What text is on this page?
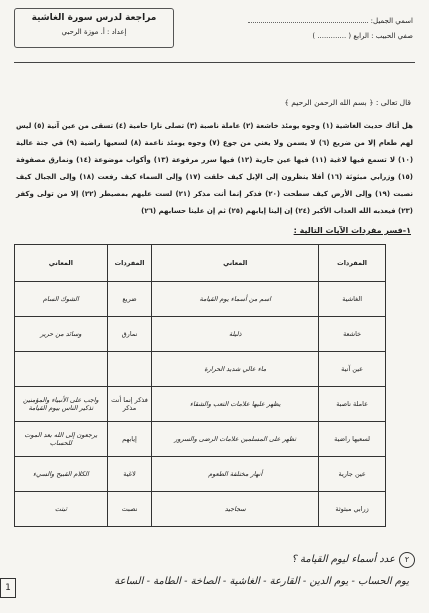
مراجعة لدرس سورة الغاشية
إعداد : أ. موزة الرحبي
اسمي الجميل:
صفي الحبيب : الرابع ( ............. )
قال تعالى : ﴿ بسم الله الرحمن الرحيم ﴾
هل أتاك حديث الغاشية (١) وجوه يومئذ خاشعة (٢) عاملة ناصبة (٣) تصلى نارا حامية (٤) تسقى من عين آنية (٥) ليس لهم طعام إلا من ضريع (٦) لا يسمن ولا يغني من جوع (٧) وجوه يومئذ ناعمة (٨) لسعيها راضية (٩) في جنة عالية (١٠) لا تسمع فيها لاغية (١١) فيها عين جارية (١٢) فيها سرر مرفوعة (١٣) وأكواب موضوعة (١٤) ونمارق مصفوفة (١٥) وزرابي مبثوثة (١٦) أفلا ينظرون إلى الإبل كيف خلقت (١٧) وإلى السماء كيف رفعت (١٨) وإلى الجبال كيف نصبت (١٩) وإلى الأرض كيف سطحت (٢٠) فذكر إنما أنت مذكر (٢١) لست عليهم بمصيطر (٢٢) إلا من تولى وكفر (٢٣) فيعذبه الله العذاب الأكبر (٢٤) إن إلينا إيابهم (٢٥) ثم إن علينا حسابهم (٢٦)
١-فسر مفردات الآيات التالية :
المعاني	المفردات	المعاني	المفردات
الشوك السام	ضريع	اسم من أسماء يوم القيامة	الغاشية
وسائد من حرير	نمارق	ذليلة	خاشعة
		ماء عالي شديد الحرارة	عين آنية
واجب على الأنبياء والمؤمنين تذكير الناس بيوم القيامة	فذكر إنما أنت مذكر	يظهر عليها علامات التعب والشقاء	عاملة ناصبة
يرجعون إلى الله بعد الموت للحساب	إيابهم	تظهر على المسلمين علامات الرضى والسرور	لسعيها راضية
الكلام القبيح والسيء	لاغية	أنهار مختلفة الطعوم	عين جارية
ثبتت	نصبت	سجاجيد	زرابي مبثوثة
٢
عدد أسماء ليوم القيامة ؟
يوم الحساب - يوم الدين - القارعة - الغاشية - الصاخة - الطامة - الساعة
1
